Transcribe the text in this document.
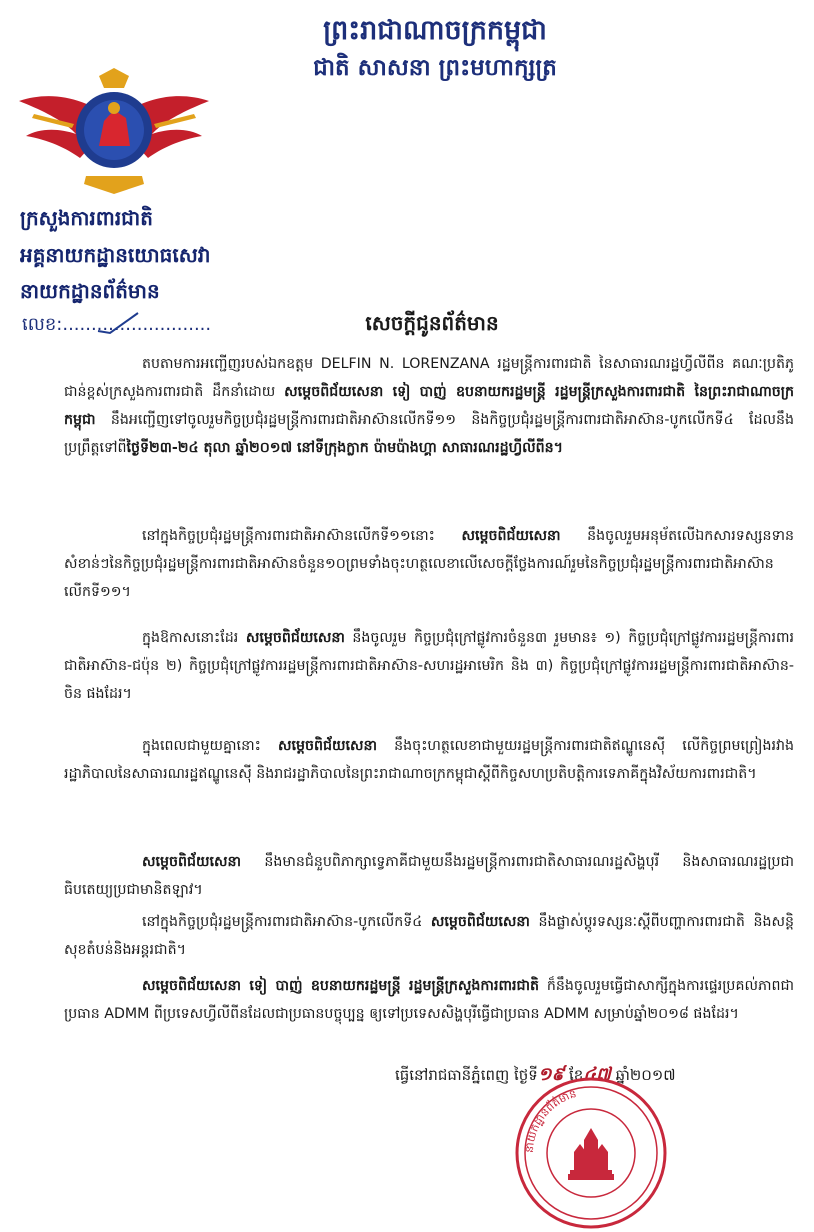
ព្រះរាជាណាចក្រកម្ពុជា
ជាតិ សាសនា ព្រះមហាក្សត្រ
ក្រសួងការពារជាតិ
អគ្គនាយកដ្ឋានយោធសេវា
នាយកដ្ឋានព័ត៌មាន
លេខ:..........................	សេចក្តីជូនព័ត៌មាន
តបតាមការអញ្ជើញរបស់ឯកឧត្តម DELFIN N. LORENZANA រដ្ឋមន្ត្រីការពារជាតិ នៃសាធារណរដ្ឋហ្វីលីពីន គណៈប្រតិភូជាន់ខ្ពស់ក្រសួងការពារជាតិ ដឹកនាំដោយ សម្តេចពិជ័យសេនា ទៀ បាញ់ ឧបនាយករដ្ឋមន្ត្រី រដ្ឋមន្ត្រីក្រសួងការពារជាតិ នៃព្រះរាជាណាចក្រកម្ពុជា នឹងអញ្ជើញទៅចូលរួមកិច្ចប្រជុំរដ្ឋមន្ត្រីការពារជាតិអាស៊ានលើកទី១១ និងកិច្ចប្រជុំរដ្ឋមន្ត្រីការពារជាតិអាស៊ាន-បូកលើកទី៤ ដែលនឹងប្រព្រឹត្តទៅពីថ្ងៃទី២៣-២៤ តុលា ឆ្នាំ២០១៧ នៅទីក្រុងក្លាក ប៉ាមប៉ាងហ្គា សាធារណរដ្ឋហ្វីលីពីន។
នៅក្នុងកិច្ចប្រជុំរដ្ឋមន្ត្រីការពារជាតិអាស៊ានលើកទី១១នោះ សម្តេចពិជ័យសេនា នឹងចូលរួមអនុម័តលើឯកសារទស្សនទានសំខាន់ៗនៃកិច្ចប្រជុំរដ្ឋមន្ត្រីការពារជាតិអាស៊ានចំនួន១០ព្រមទាំងចុះហត្ថលេខាលើសេចក្តីថ្លែងការណ៍រួមនៃកិច្ចប្រជុំរដ្ឋមន្ត្រីការពារជាតិអាស៊ានលើកទី១១។
ក្នុងឱកាសនោះដែរ សម្តេចពិជ័យសេនា នឹងចូលរួម កិច្ចប្រជុំក្រៅផ្លូវការចំនួន៣ រួមមាន៖ ១) កិច្ចប្រជុំក្រៅផ្លូវការរដ្ឋមន្ត្រីការពារជាតិអាស៊ាន-ជប៉ុន ២) កិច្ចប្រជុំក្រៅផ្លូវការរដ្ឋមន្ត្រីការពារជាតិអាស៊ាន-សហរដ្ឋអាមេរិក និង ៣) កិច្ចប្រជុំក្រៅផ្លូវការរដ្ឋមន្ត្រីការពារជាតិអាស៊ាន-ចិន ផងដែរ។
ក្នុងពេលជាមួយគ្នានោះ សម្តេចពិជ័យសេនា នឹងចុះហត្ថលេខាជាមួយរដ្ឋមន្ត្រីការពារជាតិឥណ្ឌូនេស៊ី លើកិច្ចព្រមព្រៀងរវាងរដ្ឋាភិបាលនៃសាធារណរដ្ឋឥណ្ឌូនេស៊ី និងរាជរដ្ឋាភិបាលនៃព្រះរាជាណាចក្រកម្ពុជាស្តីពីកិច្ចសហប្រតិបត្តិការទេភាគីក្នុងវិស័យការពារជាតិ។
សម្តេចពិជ័យសេនា នឹងមានជំនួបពិភាក្សាទ្វេភាគីជាមួយនឹងរដ្ឋមន្ត្រីការពារជាតិសាធារណរដ្ឋសិង្ហបុរី និងសាធារណរដ្ឋប្រជាធិបតេយ្យប្រជាមានិតឡាវ។
នៅក្នុងកិច្ចប្រជុំរដ្ឋមន្ត្រីការពារជាតិអាស៊ាន-បូកលើកទី៤ សម្តេចពិជ័យសេនា នឹងផ្លាស់ប្តូរទស្សនៈស្តីពីបញ្ហាការពារជាតិ និងសន្តិសុខតំបន់និងអន្តរជាតិ។
សម្តេចពិជ័យសេនា ទៀ បាញ់ ឧបនាយករដ្ឋមន្ត្រី រដ្ឋមន្ត្រីក្រសួងការពារជាតិ ក៏នឹងចូលរួមធ្វើជាសាក្សីក្នុងការផ្ទេរប្រគល់ភាពជាប្រធាន ADMM ពីប្រទេសហ្វីលីពីនដែលជាប្រធានបច្ចុប្បន្ន ឲ្យទៅប្រទេសសិង្ហបុរីធ្វើជាប្រធាន ADMM សម្រាប់ឆ្នាំ២០១៨ ផងដែរ។
ធ្វើនៅរាជធានីភ្នំពេញ ថ្ងៃទី១៩ ខែ៤៧ ឆ្នាំ២០១៧
នាយកដ្ឋានព័ត៌មាន
